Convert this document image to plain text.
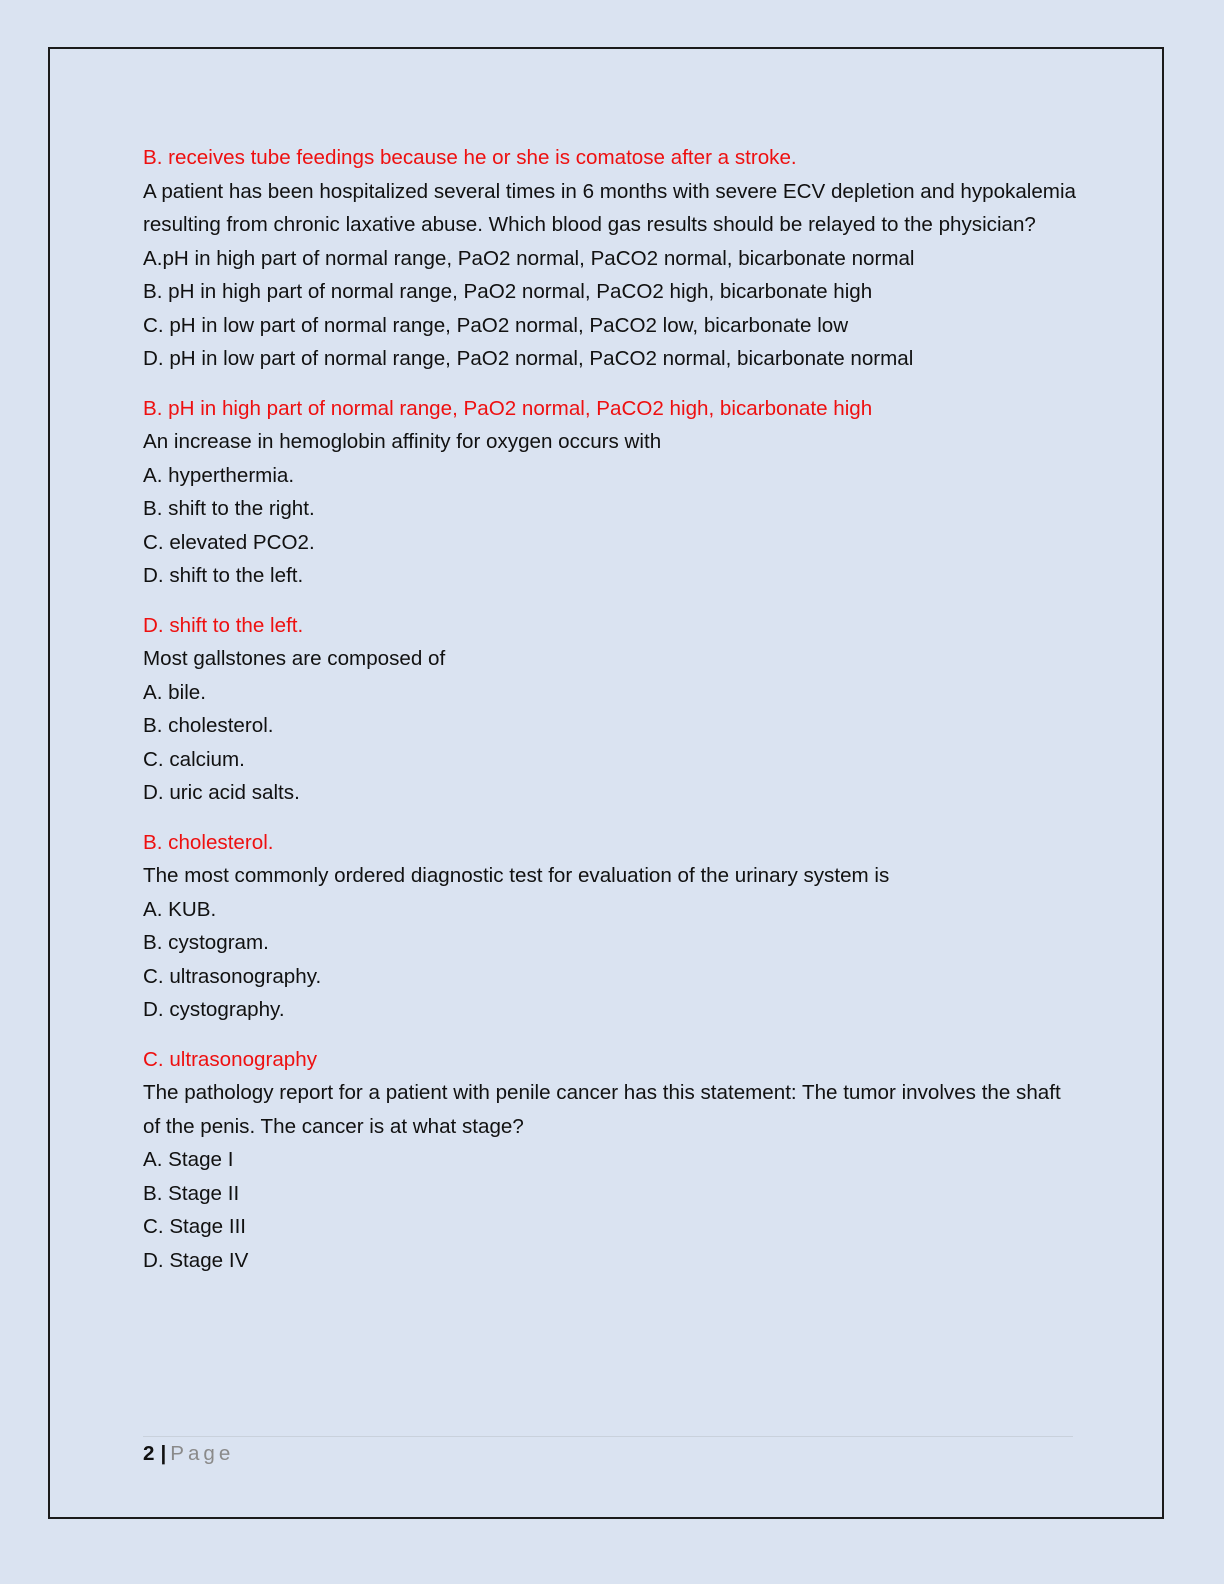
B. receives tube feedings because he or she is comatose after a stroke.

A patient has been hospitalized several times in 6 months with severe ECV depletion and hypokalemia resulting from chronic laxative abuse. Which blood gas results should be relayed to the physician?

A.pH in high part of normal range, PaO2 normal, PaCO2 normal, bicarbonate normal

B. pH in high part of normal range, PaO2 normal, PaCO2 high, bicarbonate high

C. pH in low part of normal range, PaO2 normal, PaCO2 low, bicarbonate low

D. pH in low part of normal range, PaO2 normal, PaCO2 normal, bicarbonate normal

B. pH in high part of normal range, PaO2 normal, PaCO2 high, bicarbonate high

An increase in hemoglobin affinity for oxygen occurs with

A. hyperthermia.

B. shift to the right.

C. elevated PCO2.

D. shift to the left.

D. shift to the left.

Most gallstones are composed of

A. bile.

B. cholesterol.

C. calcium.

D. uric acid salts.

B. cholesterol.

The most commonly ordered diagnostic test for evaluation of the urinary system is

A. KUB.

B. cystogram.

C. ultrasonography.

D. cystography.

C. ultrasonography

The pathology report for a patient with penile cancer has this statement: The tumor involves the shaft of the penis. The cancer is at what stage?

A. Stage I

B. Stage II

C. Stage III

D. Stage IV

2 | Page
